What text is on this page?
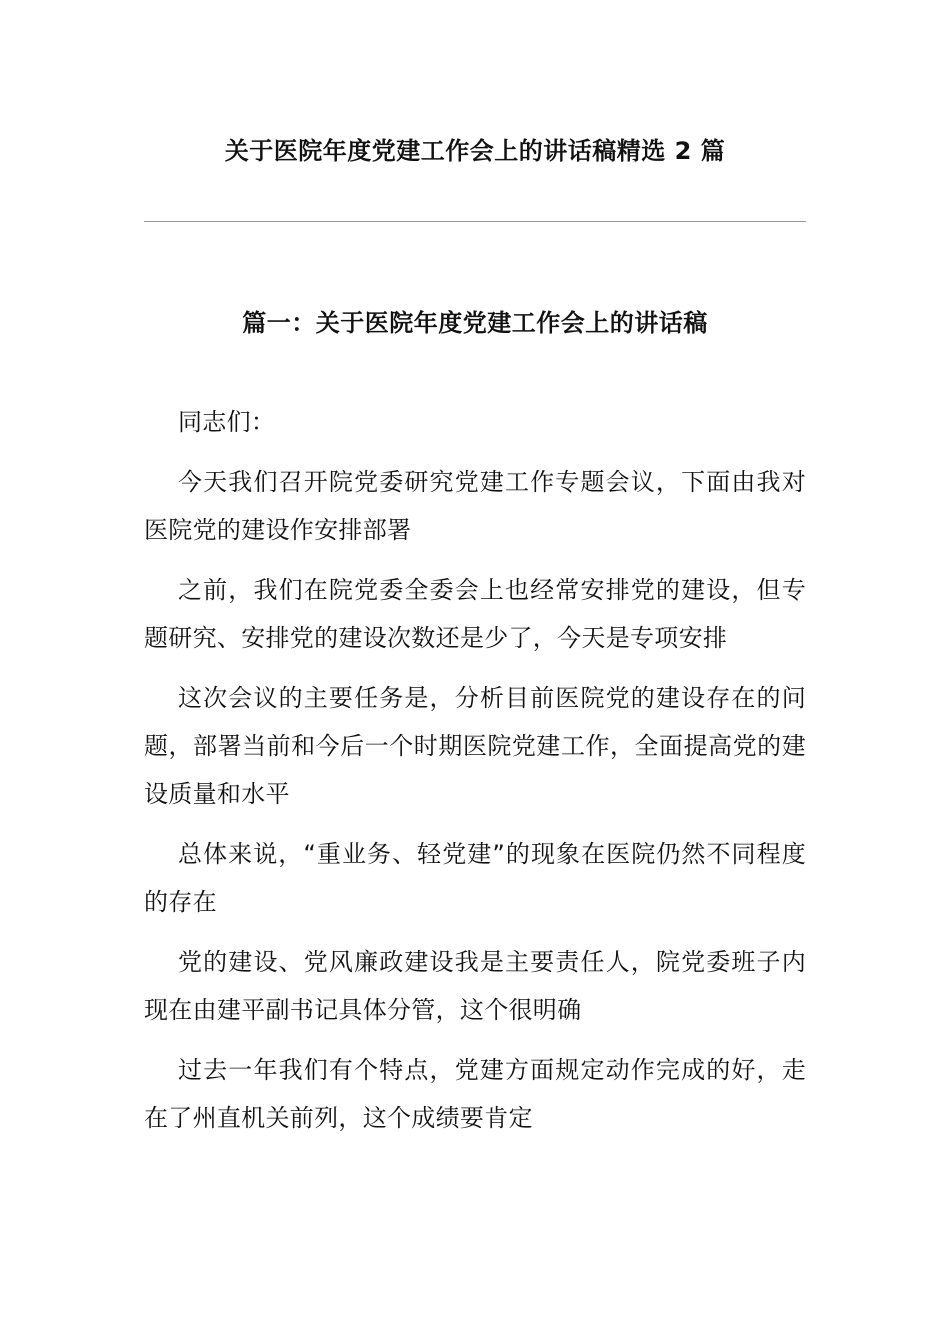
关于医院年度党建工作会上的讲话稿精选 2 篇
篇一：关于医院年度党建工作会上的讲话稿

同志们：

今天我们召开院党委研究党建工作专题会议，下面由我对医院党的建设作安排部署

之前，我们在院党委全委会上也经常安排党的建设，但专题研究、安排党的建设次数还是少了，今天是专项安排

这次会议的主要任务是，分析目前医院党的建设存在的问题，部署当前和今后一个时期医院党建工作，全面提高党的建设质量和水平

总体来说，“重业务、轻党建”的现象在医院仍然不同程度的存在

党的建设、党风廉政建设我是主要责任人，院党委班子内现在由建平副书记具体分管，这个很明确

过去一年我们有个特点，党建方面规定动作完成的好，走在了州直机关前列，这个成绩要肯定
